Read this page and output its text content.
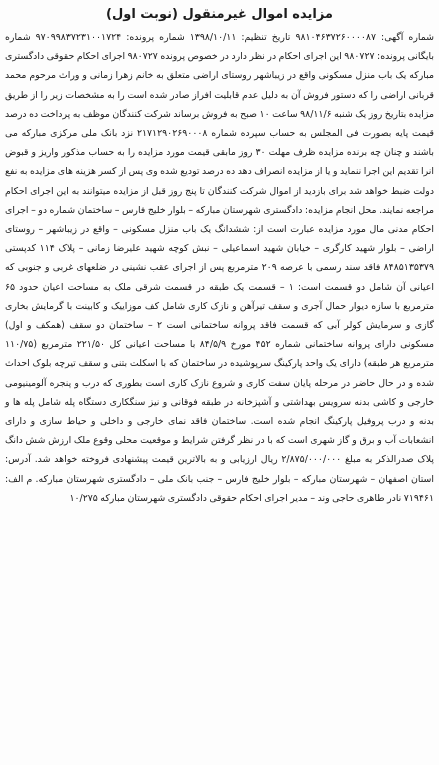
مزایده اموال غیرمنقول (نوبت اول)

شماره آگهی: ۹۸۱۰۴۶۳۷۲۶۰۰۰۰۸۷ تاریخ تنظیم: ۱۳۹۸/۱۰/۱۱ شماره پرونده: ۹۷۰۹۹۸۳۷۲۳۱۰۰۱۷۲۴ شماره بایگانی پرونده: ۹۸۰۷۲۷ این اجرای احکام در نظر دارد در خصوص پرونده ۹۸۰۷۲۷ اجرای احکام حقوقی دادگستری مبارکه یک باب منزل مسکونی واقع در زیباشهر روستای اراضی متعلق به خانم زهرا زمانی و وراث مرحوم محمد قربانی اراضی را که دستور فروش آن به دلیل عدم قابلیت افراز صادر شده است را به مشخصات زیر را از طریق مزایده بتاریخ روز یک شنبه ۹۸/۱۱/۶ ساعت ۱۰ صبح به فروش برساند شرکت کنندگان موظف به پرداخت ده درصد قیمت پایه بصورت فی المجلس به حساب سپرده شماره ۲۱۷۱۲۹۰۲۶۹۰۰۰۸ نزد بانک ملی مرکزی مبارکه می باشند و چنان چه برنده مزایده ظرف مهلت ۳۰ روز مابقی قیمت مورد مزایده را به حساب مذکور واریز و قبوض انرا تقدیم این اجرا ننماید و یا از مزایده انصراف دهد ده درصد تودیع شده وی پس از کسر هزینه های مزایده به نفع دولت ضبط خواهد شد برای بازدید از اموال شرکت کنندگان تا پنج روز قبل از مزایده میتوانند به این اجرای احکام مراجعه نمایند. محل انجام مزایده: دادگستری شهرستان مبارکه – بلوار خلیج فارس – ساختمان شماره دو – اجرای احکام مدنی مال مورد مزایده عبارت است از: ششدانگ یک باب منزل مسکونی – واقع در زیباشهر – روستای اراضی – بلوار شهید کارگری – خیابان شهید اسماعیلی – نبش کوچه شهید علیرضا زمانی – پلاک ۱۱۴ کدپستی ۸۴۸۵۱۳۵۳۷۹ فاقد سند رسمی با عرصه ۲۰۹ مترمربع پس از اجرای عقب نشینی در ضلعهای غربی و جنوبی که اعیانی آن شامل دو قسمت است: ۱ – قسمت یک طبقه در قسمت شرقی ملک به مساحت اعیان حدود ۶۵ مترمربع با سازه دیوار حمال آجری و سقف تیرآهن و نازک کاری شامل کف موزاییک و کابینت با گرمایش بخاری گازی و سرمایش کولر آبی که قسمت فاقد پروانه ساختمانی است ۲ – ساختمان دو سقف (همکف و اول) مسکونی دارای پروانه ساختمانی شماره ۴۵۲ مورخ ۸۴/۵/۹ با مساحت اعیانی کل ۲۲۱/۵۰ مترمربع (۱۱۰/۷۵ مترمربع هر طبقه) دارای یک واحد پارکینگ سرپوشیده در ساختمان که با اسکلت بتنی و سقف تیرچه بلوک احداث شده و در حال حاضر در مرحله پایان سفت کاری و شروع نازک کاری است بطوری که درب و پنجره آلومینیومی خارجی و کاشی بدنه سرویس بهداشتی و آشپزخانه در طبقه فوقانی و نیز سنگکاری دستگاه پله شامل پله ها و بدنه و درب پروفیل پارکینگ انجام شده است. ساختمان فاقد نمای خارجی و داخلی و حیاط سازی و دارای انشعابات آب و برق و گاز شهری است که با در نظر گرفتن شرایط و موقعیت محلی وقوع ملک ارزش شش دانگ پلاک صدرالذکر به مبلغ ۲/۸۷۵/۰۰۰/۰۰۰ ریال ارزیابی و به بالاترین قیمت پیشنهادی فروخته خواهد شد. آدرس: استان اصفهان – شهرستان مبارکه – بلوار خلیج فارس – جنب بانک ملی – دادگستری شهرستان مبارکه. م الف: ۷۱۹۴۶۱ نادر طاهری حاجی وند – مدیر اجرای احکام حقوقی دادگستری شهرستان مبارکه ۱۰/۲۷۵
